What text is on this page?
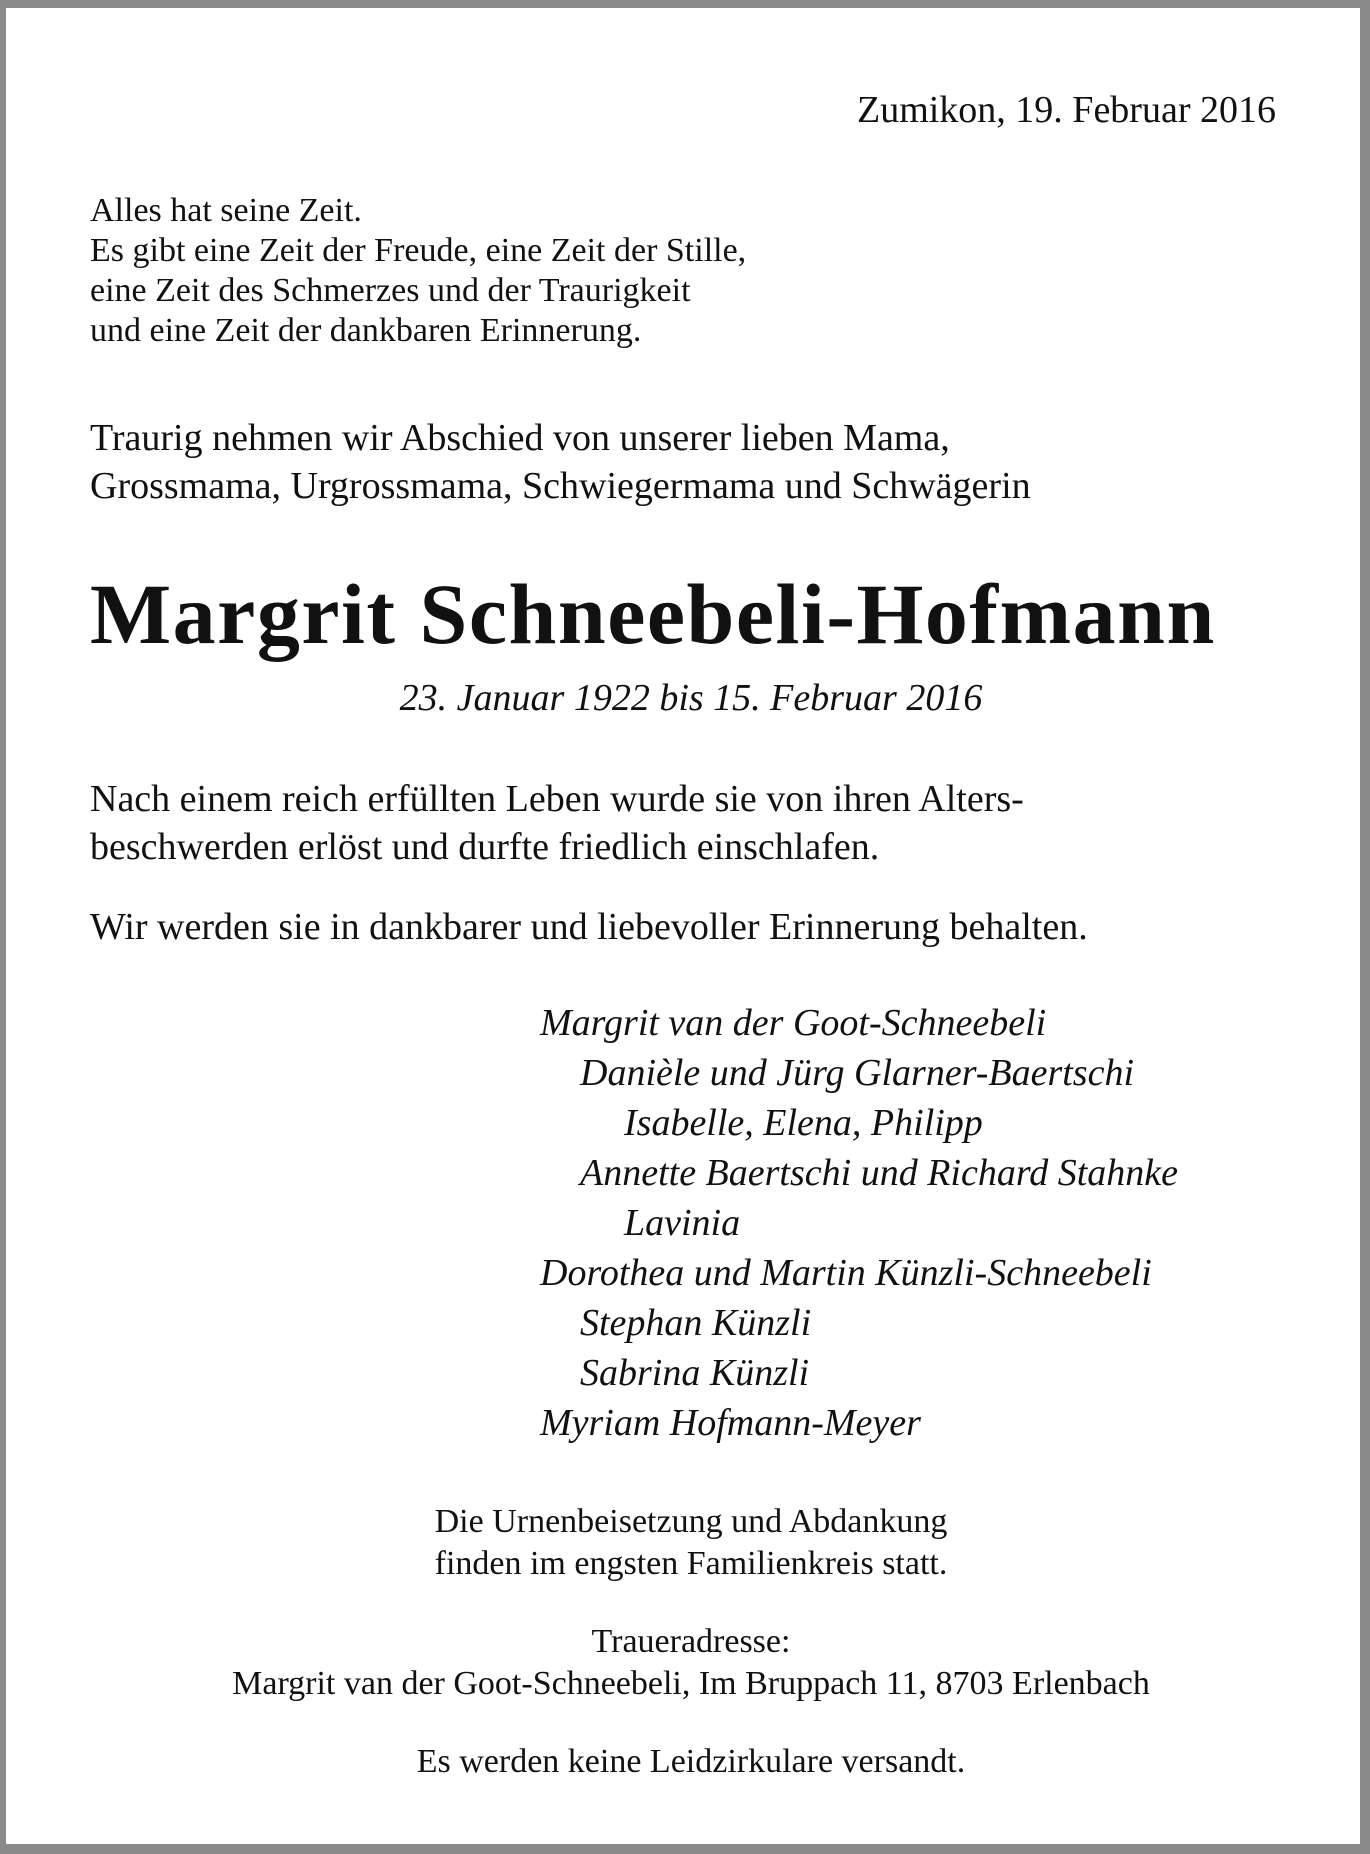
Zumikon, 19. Februar 2016
Alles hat seine Zeit.
Es gibt eine Zeit der Freude, eine Zeit der Stille,
eine Zeit des Schmerzes und der Traurigkeit
und eine Zeit der dankbaren Erinnerung.
Traurig nehmen wir Abschied von unserer lieben Mama,
Grossmama, Urgrossmama, Schwiegermama und Schwägerin
Margrit Schneebeli-Hofmann
23. Januar 1922 bis 15. Februar 2016
Nach einem reich erfüllten Leben wurde sie von ihren Alters-
beschwerden erlöst und durfte friedlich einschlafen.
Wir werden sie in dankbarer und liebevoller Erinnerung behalten.
Margrit van der Goot-Schneebeli
Danièle und Jürg Glarner-Baertschi
Isabelle, Elena, Philipp
Annette Baertschi und Richard Stahnke
Lavinia
Dorothea und Martin Künzli-Schneebeli
Stephan Künzli
Sabrina Künzli
Myriam Hofmann-Meyer
Die Urnenbeisetzung und Abdankung
finden im engsten Familienkreis statt.
Traueradresse:
Margrit van der Goot-Schneebeli, Im Bruppach 11, 8703 Erlenbach
Es werden keine Leidzirkulare versandt.
